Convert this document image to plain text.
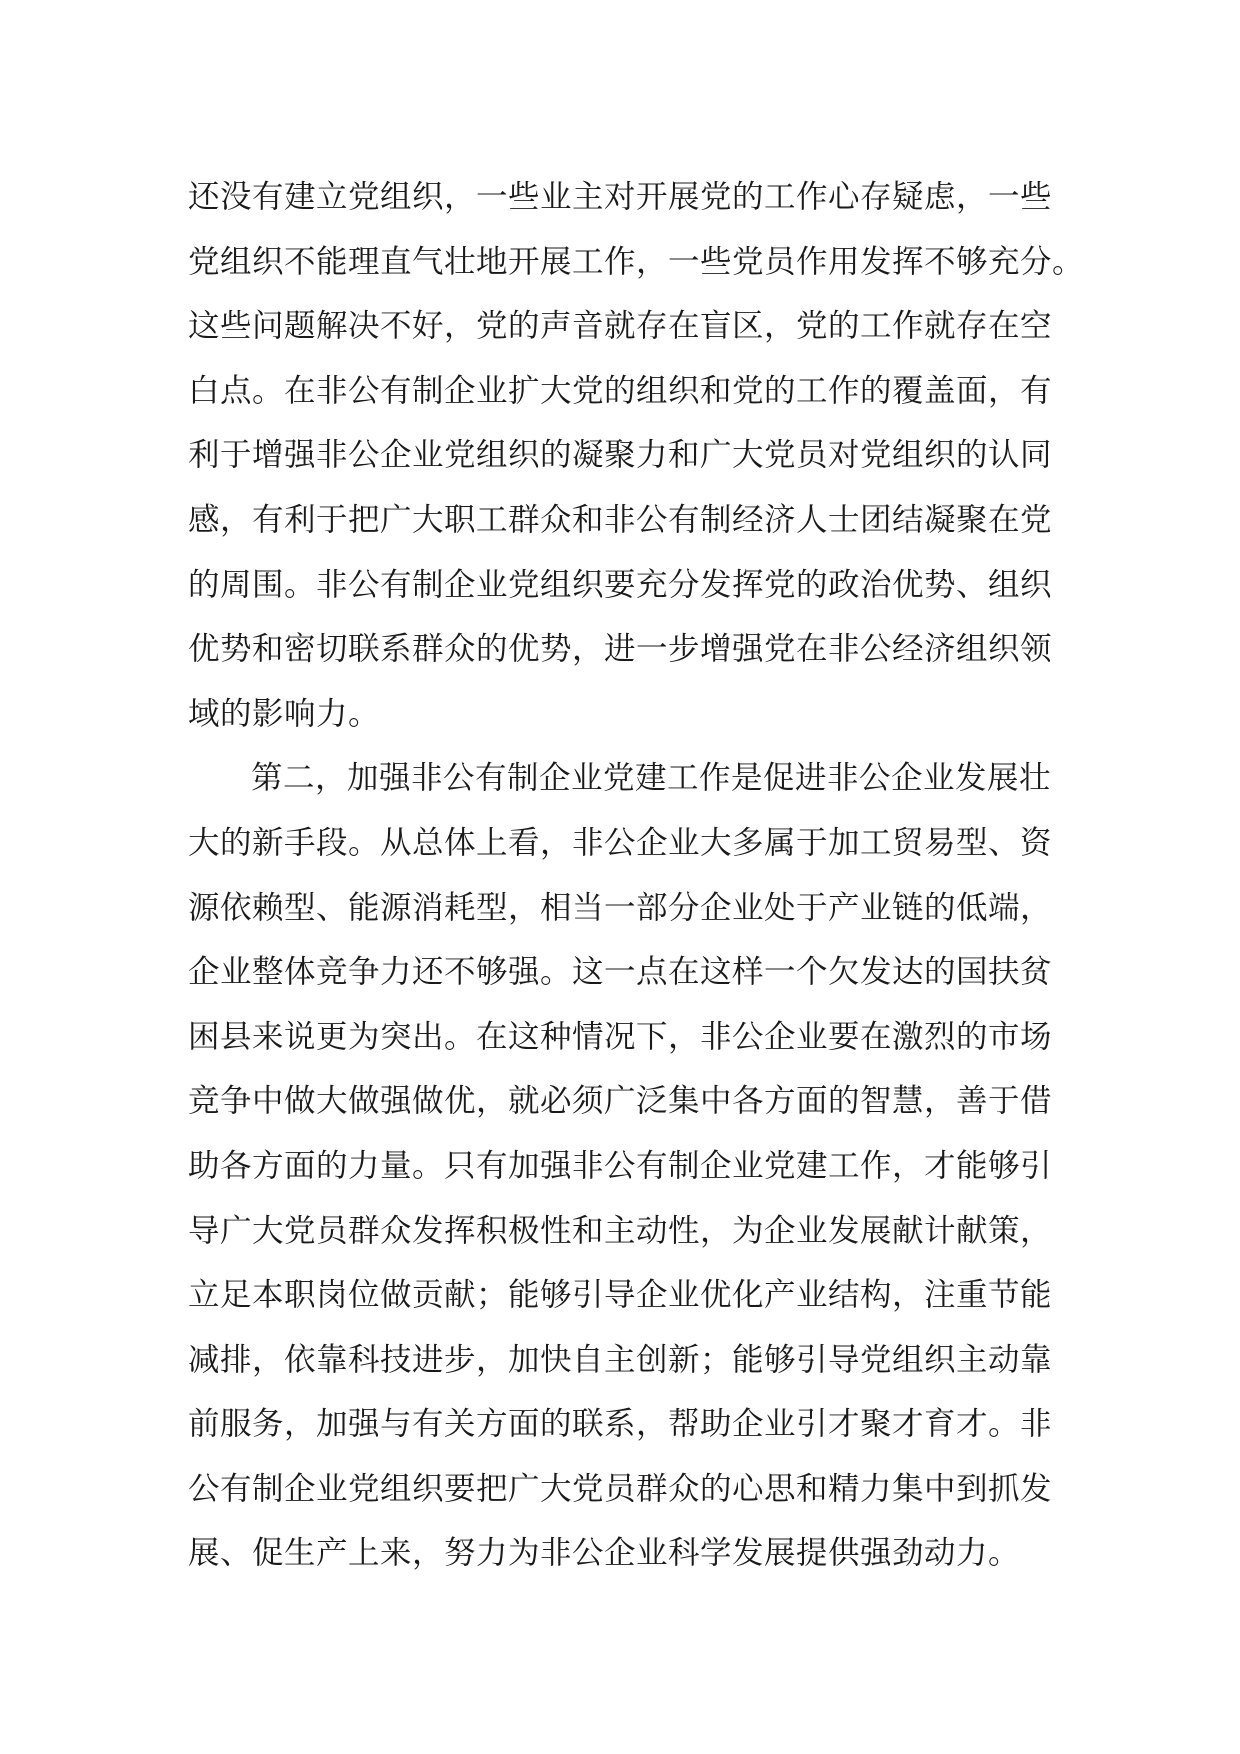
还没有建立党组织，一些业主对开展党的工作心存疑虑，一些
党组织不能理直气壮地开展工作，一些党员作用发挥不够充分。
这些问题解决不好，党的声音就存在盲区，党的工作就存在空
白点。在非公有制企业扩大党的组织和党的工作的覆盖面，有
利于增强非公企业党组织的凝聚力和广大党员对党组织的认同
感，有利于把广大职工群众和非公有制经济人士团结凝聚在党
的周围。非公有制企业党组织要充分发挥党的政治优势、组织
优势和密切联系群众的优势，进一步增强党在非公经济组织领
域的影响力。
第二，加强非公有制企业党建工作是促进非公企业发展壮
大的新手段。从总体上看，非公企业大多属于加工贸易型、资
源依赖型、能源消耗型，相当一部分企业处于产业链的低端，
企业整体竞争力还不够强。这一点在这样一个欠发达的国扶贫
困县来说更为突出。在这种情况下，非公企业要在激烈的市场
竞争中做大做强做优，就必须广泛集中各方面的智慧，善于借
助各方面的力量。只有加强非公有制企业党建工作，才能够引
导广大党员群众发挥积极性和主动性，为企业发展献计献策，
立足本职岗位做贡献；能够引导企业优化产业结构，注重节能
减排，依靠科技进步，加快自主创新；能够引导党组织主动靠
前服务，加强与有关方面的联系，帮助企业引才聚才育才。非
公有制企业党组织要把广大党员群众的心思和精力集中到抓发
展、促生产上来，努力为非公企业科学发展提供强劲动力。
